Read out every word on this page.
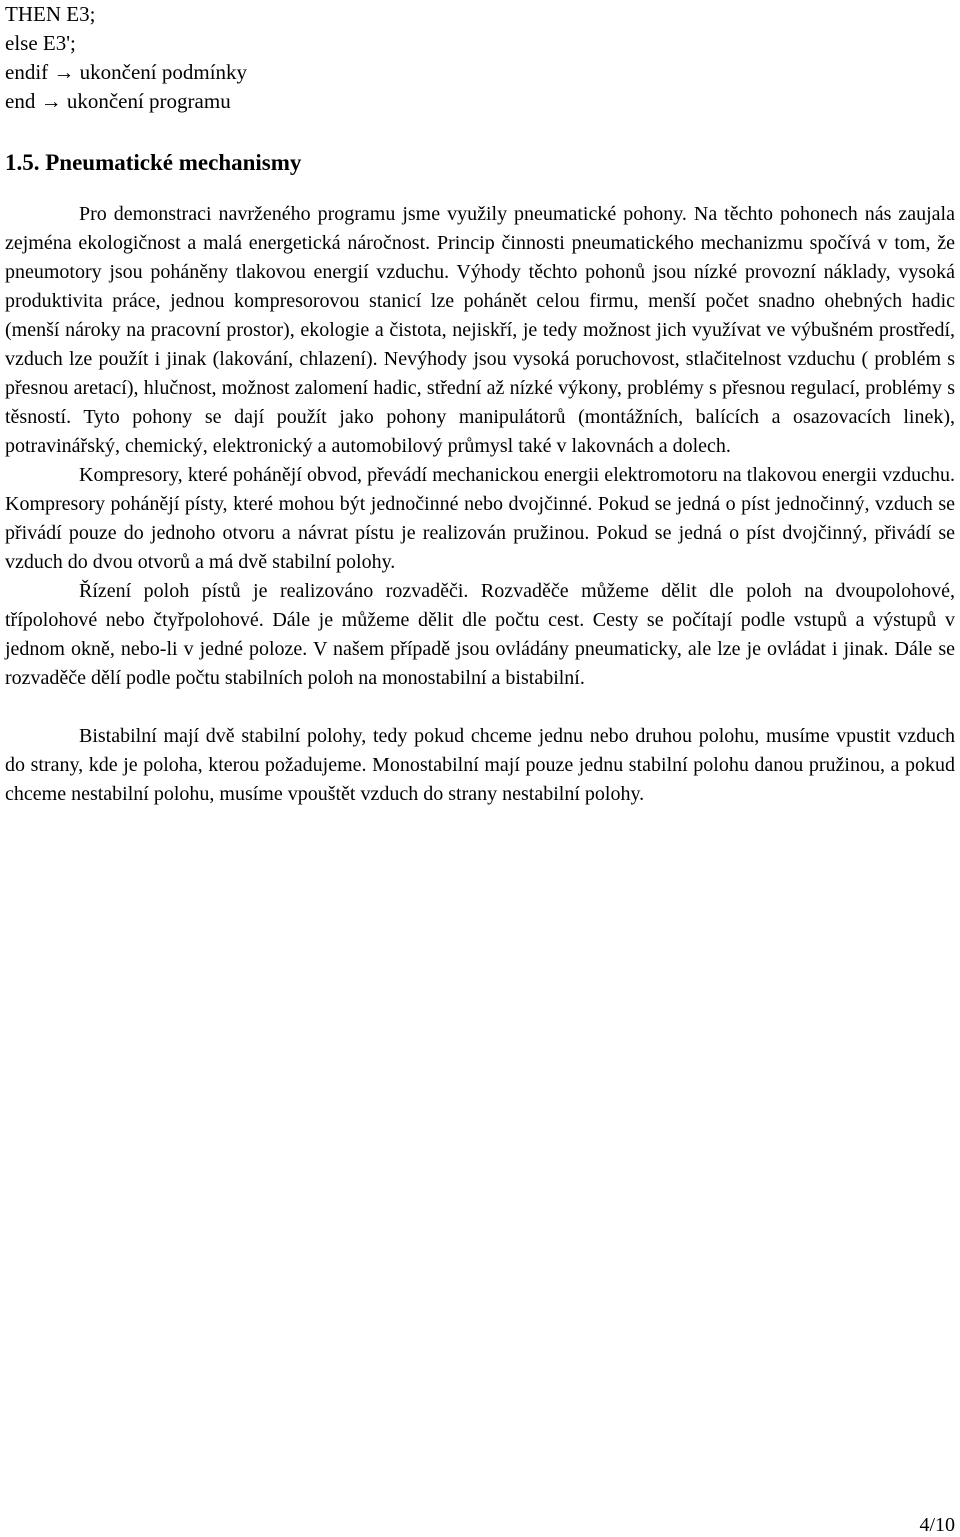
THEN E3;
else E3';
endif → ukončení podmínky
end → ukončení programu
1.5. Pneumatické mechanismy

Pro demonstraci navrženého programu jsme využily pneumatické pohony. Na těchto pohonech nás zaujala zejména ekologičnost a malá energetická náročnost. Princip činnosti pneumatického mechanizmu spočívá v tom, že pneumotory jsou poháněny tlakovou energií vzduchu. Výhody těchto pohonů jsou nízké provozní náklady, vysoká produktivita práce, jednou kompresorovou stanicí lze pohánět celou firmu, menší počet snadno ohebných hadic (menší nároky na pracovní prostor), ekologie a čistota, nejiskří, je tedy možnost jich využívat ve výbušném prostředí, vzduch lze použít i jinak (lakování, chlazení). Nevýhody jsou vysoká poruchovost, stlačitelnost vzduchu ( problém s přesnou aretací), hlučnost, možnost zalomení hadic, střední až nízké výkony, problémy s přesnou regulací, problémy s těsností. Tyto pohony se dají použít jako pohony manipulátorů (montážních, balících a osazovacích linek), potravinářský, chemický, elektronický a automobilový průmysl také v lakovnách a dolech.

Kompresory, které pohánějí obvod, převádí mechanickou energii elektromotoru na tlakovou energii vzduchu. Kompresory pohánějí písty, které mohou být jednočinné nebo dvojčinné. Pokud se jedná o píst jednočinný, vzduch se přivádí pouze do jednoho otvoru a návrat pístu je realizován pružinou. Pokud se jedná o píst dvojčinný, přivádí se vzduch do dvou otvorů a má dvě stabilní polohy.

Řízení poloh pístů je realizováno rozvaděči. Rozvaděče můžeme dělit dle poloh na dvoupolohové, třípolohové nebo čtyřpolohové. Dále je můžeme dělit dle počtu cest. Cesty se počítají podle vstupů a výstupů v jednom okně, nebo-li v jedné poloze. V našem případě jsou ovládány pneumaticky, ale lze je ovládat i jinak. Dále se rozvaděče dělí podle počtu stabilních poloh na monostabilní a bistabilní.

Bistabilní mají dvě stabilní polohy, tedy pokud chceme jednu nebo druhou polohu, musíme vpustit vzduch do strany, kde je poloha, kterou požadujeme. Monostabilní mají pouze jednu stabilní polohu danou pružinou, a pokud chceme nestabilní polohu, musíme vpouštět vzduch do strany nestabilní polohy.

4/10
